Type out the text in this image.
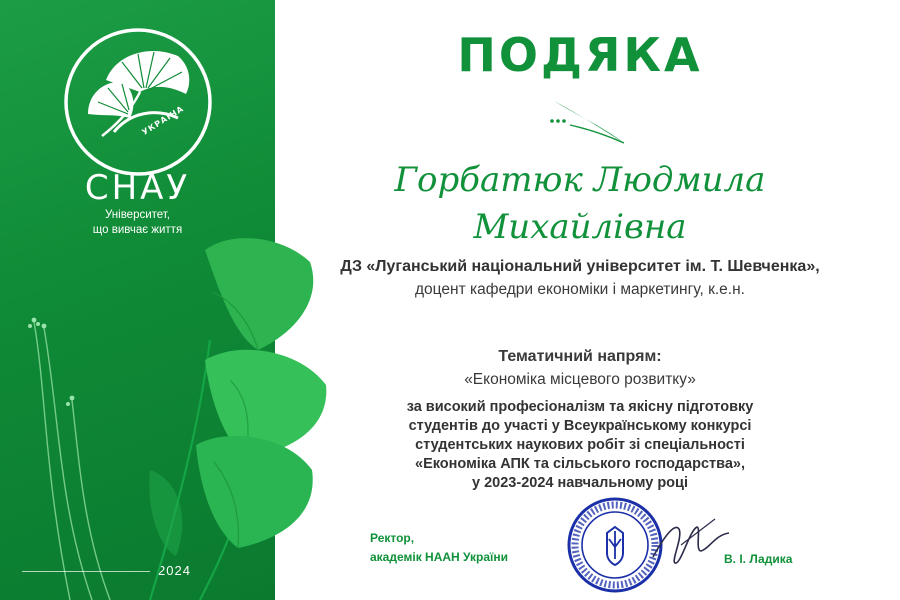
УКРАЇНА
СНАУ
Університет,
що вивчає життя
2024
ПОДЯКА
Горбатюк Людмила
Михайлівна
ДЗ «Луганський національний університет ім. Т. Шевченка»,
доцент кафедри економіки і маркетингу, к.е.н.
Тематичний напрям:
«Економіка місцевого розвитку»
за високий професіоналізм та якісну підготовку
студентів до участі у Всеукраїнському конкурсі
студентських наукових робіт зі спеціальності
«Економіка АПК та сільського господарства»,
у 2023-2024 навчальному році
Ректор,
академік НААН України	В. І. Ладика
